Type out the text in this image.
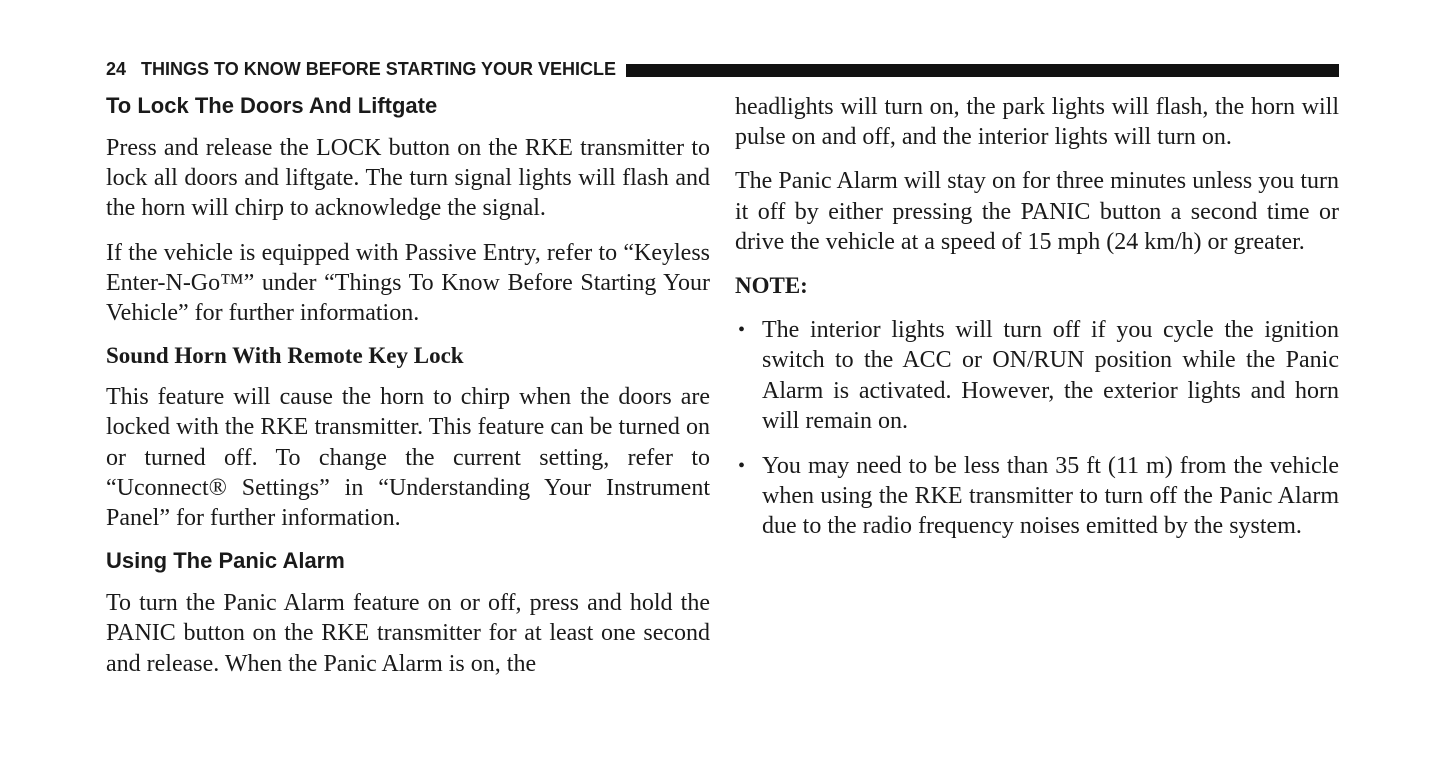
24 THINGS TO KNOW BEFORE STARTING YOUR VEHICLE
To Lock The Doors And Liftgate

Press and release the LOCK button on the RKE transmitter to lock all doors and liftgate. The turn signal lights will flash and the horn will chirp to acknowledge the signal.

If the vehicle is equipped with Passive Entry, refer to “Keyless Enter-N-Go™” under “Things To Know Before Starting Your Vehicle” for further information.

Sound Horn With Remote Key Lock

This feature will cause the horn to chirp when the doors are locked with the RKE transmitter. This feature can be turned on or turned off. To change the current setting, refer to “Uconnect® Settings” in “Understanding Your Instrument Panel” for further information.

Using The Panic Alarm

To turn the Panic Alarm feature on or off, press and hold the PANIC button on the RKE transmitter for at least one second and release. When the Panic Alarm is on, the

headlights will turn on, the park lights will flash, the horn will pulse on and off, and the interior lights will turn on.

The Panic Alarm will stay on for three minutes unless you turn it off by either pressing the PANIC button a second time or drive the vehicle at a speed of 15 mph (24 km/h) or greater.

NOTE:
• The interior lights will turn off if you cycle the ignition switch to the ACC or ON/RUN position while the Panic Alarm is activated. However, the exterior lights and horn will remain on.
• You may need to be less than 35 ft (11 m) from the vehicle when using the RKE transmitter to turn off the Panic Alarm due to the radio frequency noises emitted by the system.
